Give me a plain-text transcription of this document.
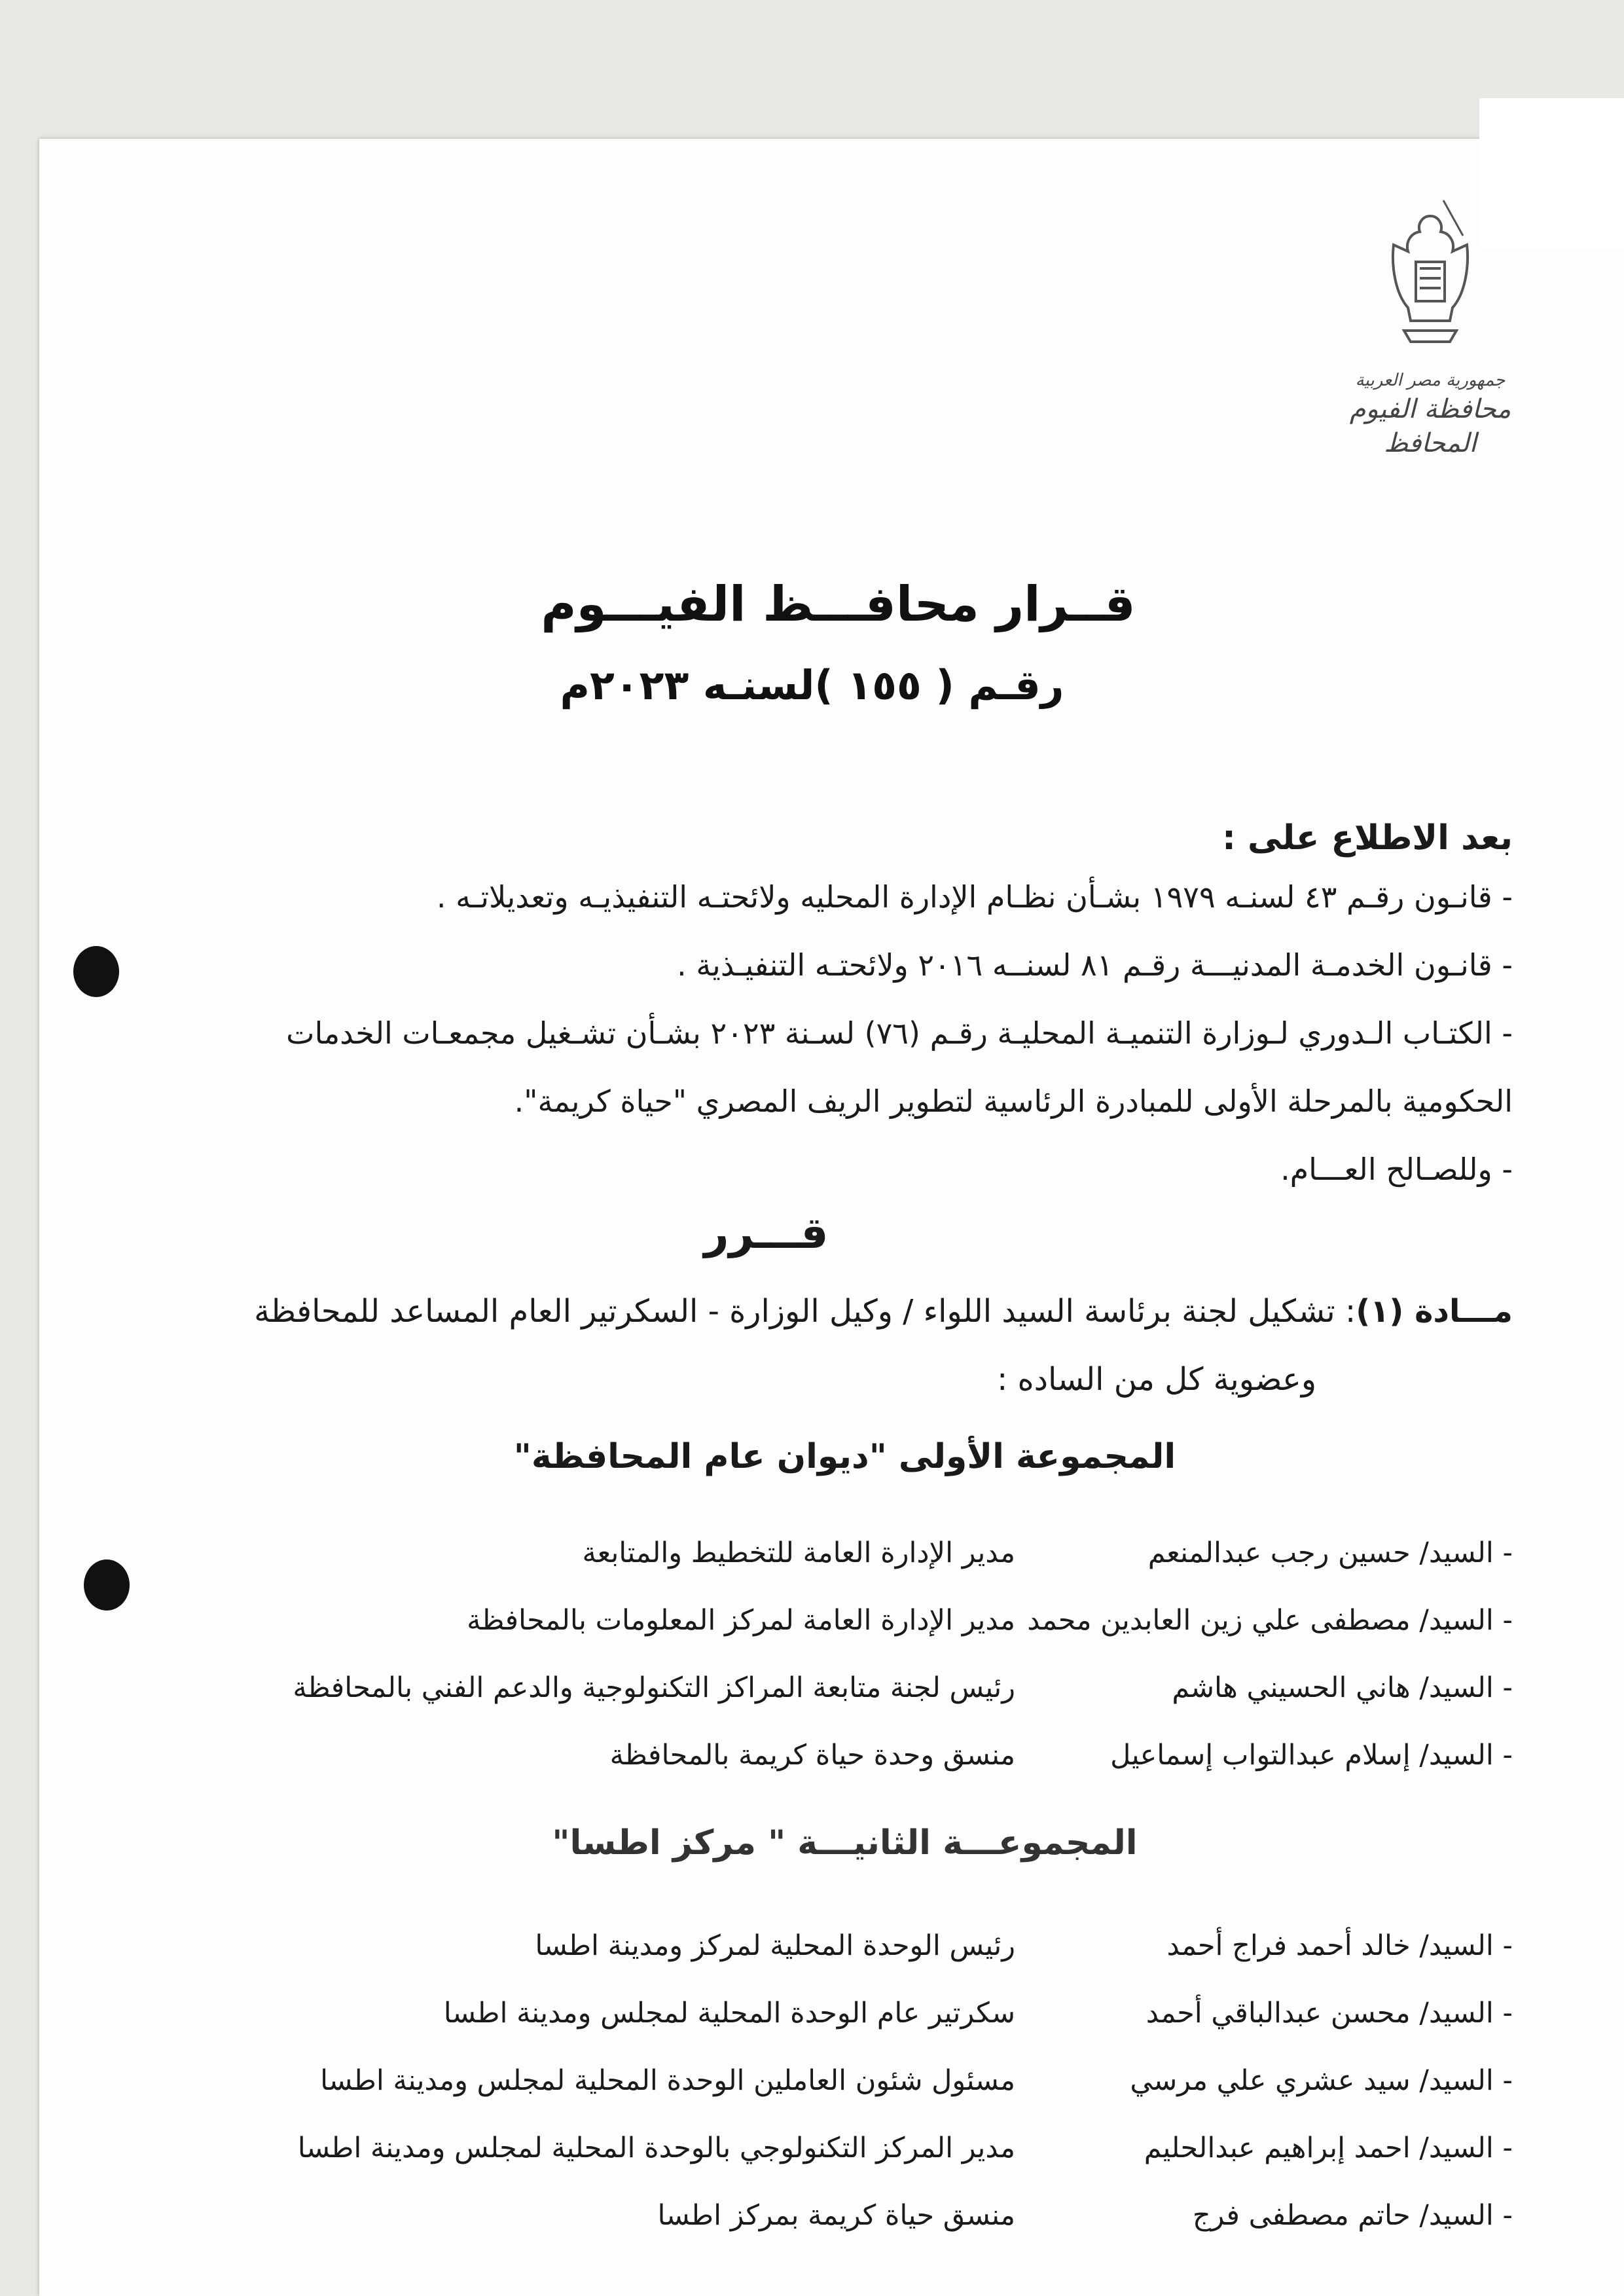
جمهورية مصر العربية
محافظة الفيوم
المحافظ
قــرار محافـــظ الفيـــوم
رقـم ( ١٥٥ )لسنـه ٢٠٢٣م
بعد الاطلاع على :
- قانـون رقـم ٤٣ لسنـه ١٩٧٩ بشـأن نظـام الإدارة المحليه ولائحتـه التنفيذيـه وتعديلاتـه .
- قانـون الخدمـة المدنيـــة رقـم ٨١ لسنــه ٢٠١٦ ولائحتـه التنفيـذية .
- الكتـاب الـدوري لـوزارة التنميـة المحليـة رقـم (٧٦) لسـنة ٢٠٢٣ بشـأن تشـغيل مجمعـات الخدمات
الحكومية بالمرحلة الأولى للمبادرة الرئاسية لتطوير الريف المصري "حياة كريمة".
- وللصـالح العـــام.
قـــرر
مـــادة (١): تشكيل لجنة برئاسة السيد اللواء / وكيل الوزارة - السكرتير العام المساعد للمحافظة
وعضوية كل من الساده :
المجموعة الأولى "ديوان عام المحافظة"
- السيد/ حسين رجب عبدالمنعم
مدير الإدارة العامة للتخطيط والمتابعة
- السيد/ مصطفى علي زين العابدين محمد
مدير الإدارة العامة لمركز المعلومات بالمحافظة
- السيد/ هاني الحسيني هاشم
رئيس لجنة متابعة المراكز التكنولوجية والدعم الفني بالمحافظة
- السيد/ إسلام عبدالتواب إسماعيل
منسق وحدة حياة كريمة بالمحافظة
المجموعـــة الثانيـــة " مركز اطسا"
- السيد/ خالد أحمد فراج أحمد
رئيس الوحدة المحلية لمركز ومدينة اطسا
- السيد/ محسن عبدالباقي أحمد
سكرتير عام الوحدة المحلية لمجلس ومدينة اطسا
- السيد/ سيد عشري علي مرسي
مسئول شئون العاملين الوحدة المحلية لمجلس ومدينة اطسا
- السيد/ احمد إبراهيم عبدالحليم
مدير المركز التكنولوجي بالوحدة المحلية لمجلس ومدينة اطسا
- السيد/ حاتم مصطفى فرج
منسق حياة كريمة بمركز اطسا
